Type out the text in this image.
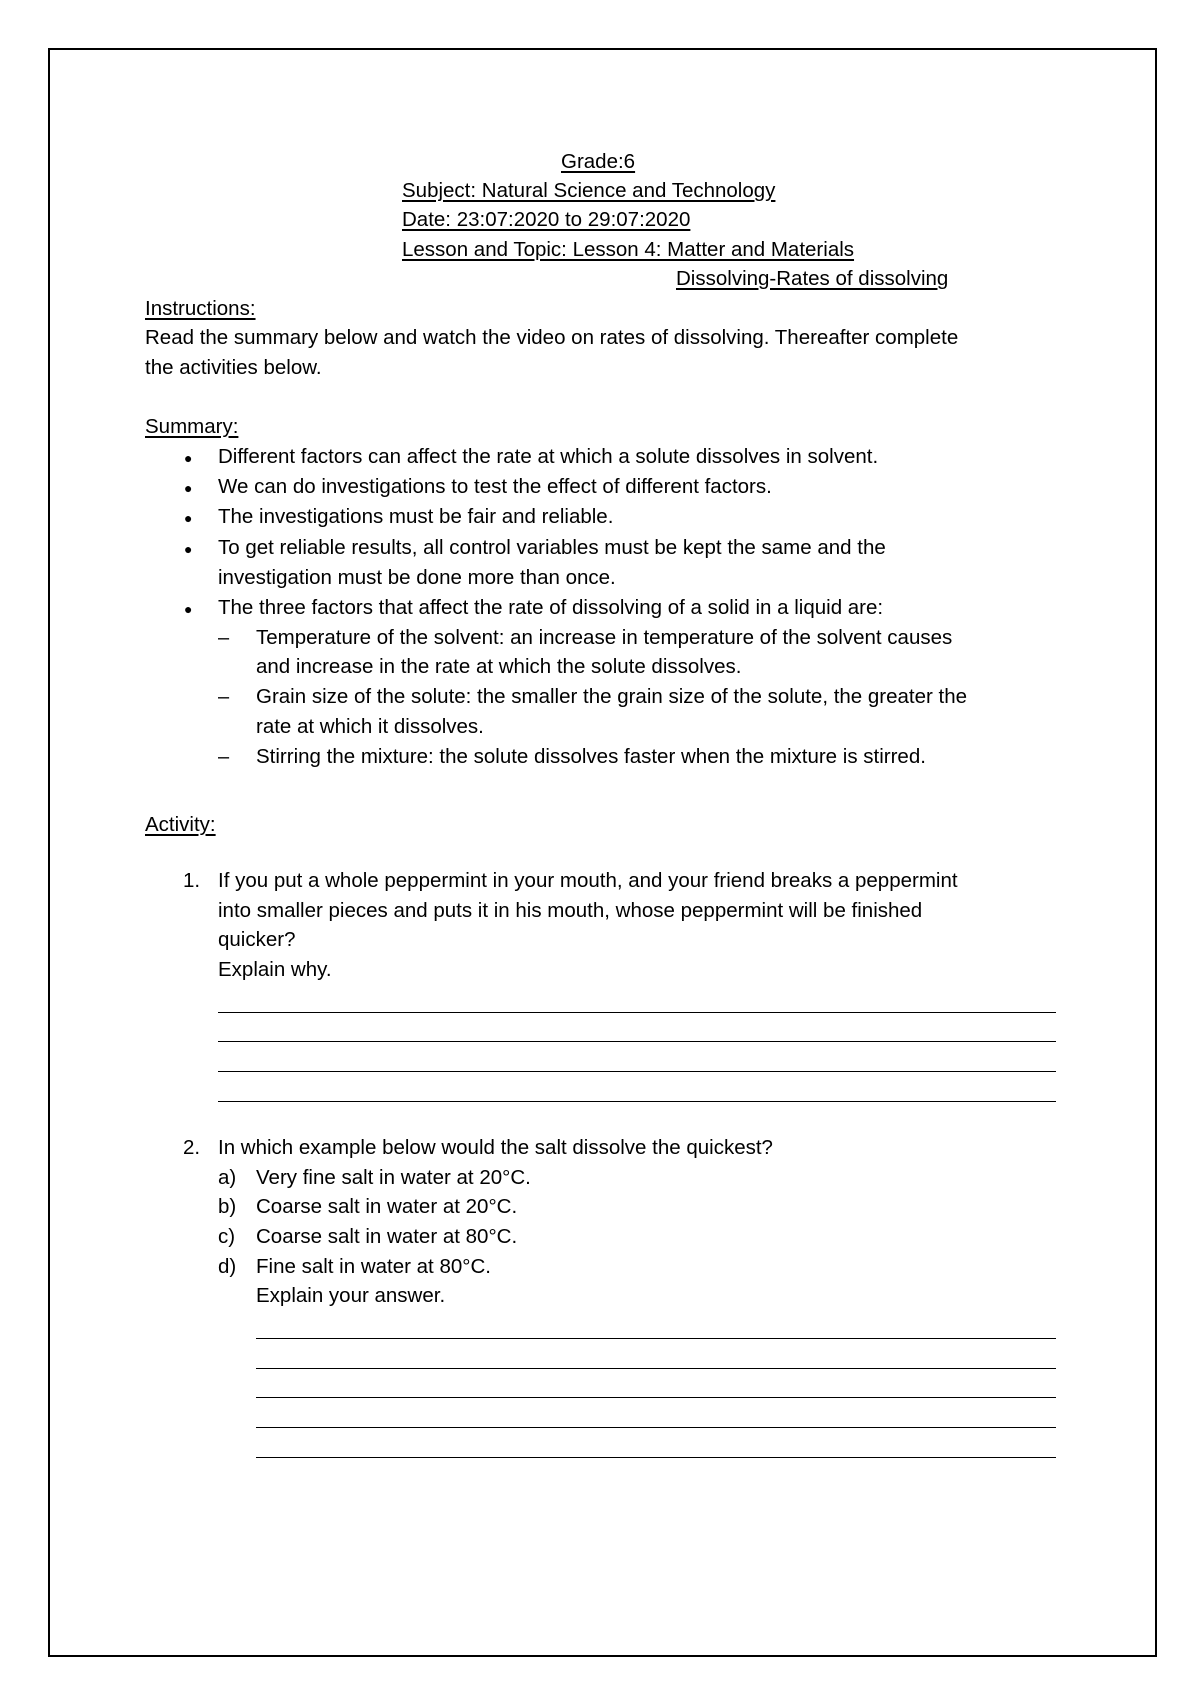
Grade:6
Subject: Natural Science and Technology
Date: 23:07:2020 to 29:07:2020
Lesson and Topic: Lesson 4: Matter and Materials
Dissolving-Rates of dissolving
Instructions:
Read the summary below and watch the video on rates of dissolving. Thereafter complete
the activities below.
Summary:
● Different factors can affect the rate at which a solute dissolves in solvent.
● We can do investigations to test the effect of different factors.
● The investigations must be fair and reliable.
● To get reliable results, all control variables must be kept the same and the
investigation must be done more than once.
● The three factors that affect the rate of dissolving of a solid in a liquid are:
– Temperature of the solvent: an increase in temperature of the solvent causes
and increase in the rate at which the solute dissolves.
– Grain size of the solute: the smaller the grain size of the solute, the greater the
rate at which it dissolves.
– Stirring the mixture: the solute dissolves faster when the mixture is stirred.
Activity:
1. If you put a whole peppermint in your mouth, and your friend breaks a peppermint
into smaller pieces and puts it in his mouth, whose peppermint will be finished
quicker?
Explain why.
2. In which example below would the salt dissolve the quickest?
a) Very fine salt in water at 20°C.
b) Coarse salt in water at 20°C.
c) Coarse salt in water at 80°C.
d) Fine salt in water at 80°C.
Explain your answer.
